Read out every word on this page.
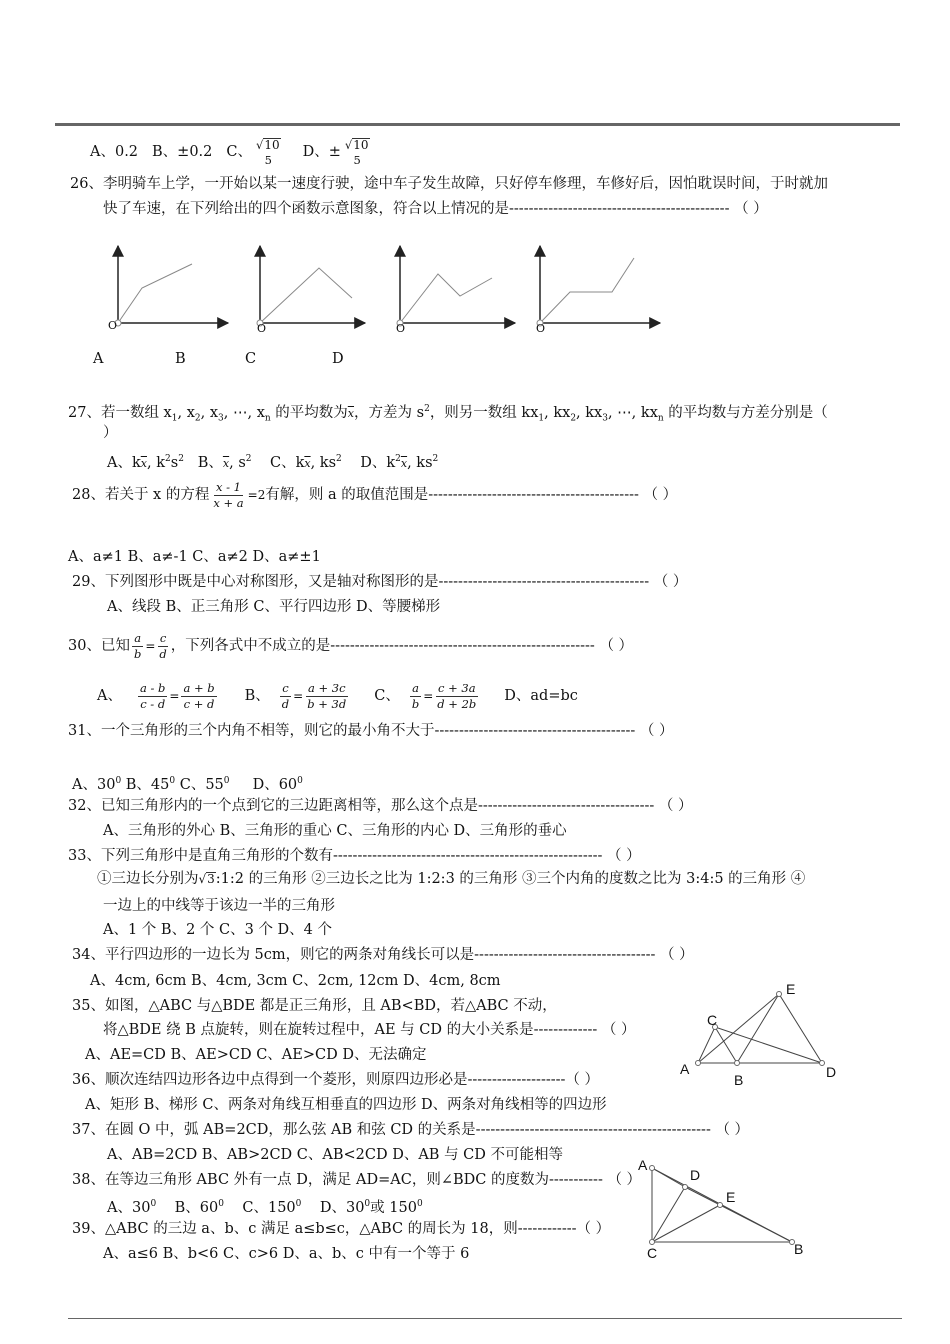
A、0.2 B、±0.2 C、 √10
5 D、± √10
5
26、李明骑车上学，一开始以某一速度行驶，途中车子发生故障，只好停车修理，车修好后，因怕耽误时间，于时就加
快了车速，在下列给出的四个函数示意图象，符合以上情况的是--------------------------------------------- （ ）
O	O	O	O
A	B	C	D
27、若一数组 $x_1$, $x_2$, $x_3$, ⋯, $x_n$ 的平均数为$\overline{x}$，方差为 $s^2$，则另一数组 $kx_1$, $kx_2$, $kx_3$, ⋯, $kx_n$ 的平均数与方差分别是（
）
A、$k\overline{x}$, $k^2s^2$ B、$\overline{x}$, $s^2$ C、$k\overline{x}$, $ks^2$ D、$k^2\overline{x}$, $ks^2$
28、若关于 x 的方程 $\frac{x - 1}{x + a} =2$ 有解，则 a 的取值范围是------------------------------------------- （ ）
A、a≠1 B、a≠-1 C、a≠2 D、a≠±1
29、下列图形中既是中心对称图形，又是轴对称图形的是------------------------------------------- （ ）
A、线段 B、正三角形 C、平行四边形 D、等腰梯形
30、已知 $\frac{a}{b} = \frac{c}{d}$ ，下列各式中不成立的是------------------------------------------------------ （ ）
A、 $\frac{a - b}{c - d} = \frac{a + b}{c + d}$ B、 $\frac{c}{d} = \frac{a + 3c}{b + 3d}$ C、 $\frac{a}{b} = \frac{c + 3a}{d + 2b}$ D、ad=bc
31、一个三角形的三个内角不相等，则它的最小角不大于----------------------------------------- （ ）
A、$30^0$ B、$45^0$ C、$55^0$ D、$60^0$
32、已知三角形内的一个点到它的三边距离相等，那么这个点是------------------------------------ （ ）
A、三角形的外心 B、三角形的重心 C、三角形的内心 D、三角形的垂心
33、下列三角形中是直角三角形的个数有------------------------------------------------------- （ ）
①三边长分别为√3:1:2 的三角形 ②三边长之比为 1:2:3 的三角形 ③三个内角的度数之比为 3:4:5 的三角形 ④
一边上的中线等于该边一半的三角形
A、1 个 B、2 个 C、3 个 D、4 个
34、平行四边形的一边长为 5cm，则它的两条对角线长可以是------------------------------------- （ ）
A、4cm, 6cm B、4cm, 3cm C、2cm, 12cm D、4cm, 8cm
35、如图，△ABC 与△BDE 都是正三角形，且 AB<BD，若△ABC 不动，
将△BDE 绕 B 点旋转，则在旋转过程中，AE 与 CD 的大小关系是------------- （ ）
A、AE=CD B、AE>CD C、AE>CD D、无法确定
E
C
A
B	D
36、顺次连结四边形各边中点得到一个菱形，则原四边形必是--------------------（ ）
A、矩形 B、梯形 C、两条对角线互相垂直的四边形 D、两条对角线相等的四边形
37、在圆 O 中，弧 AB=2CD，那么弦 AB 和弦 CD 的关系是------------------------------------------------ （ ）
A、AB=2CD B、AB>2CD C、AB<2CD D、AB 与 CD 不可能相等
38、在等边三角形 ABC 外有一点 D，满足 AD=AC，则∠BDC 的度数为----------- （ ）
A、$30^0$ B、$60^0$ C、$150^0$ D、$30^0$或 $150^0$
A
D
E
C	B
39、△ABC 的三边 a、b、c 满足 a≤b≤c，△ABC 的周长为 18，则------------（ ）
A、a≤6 B、b<6 C、c>6 D、a、b、c 中有一个等于 6
